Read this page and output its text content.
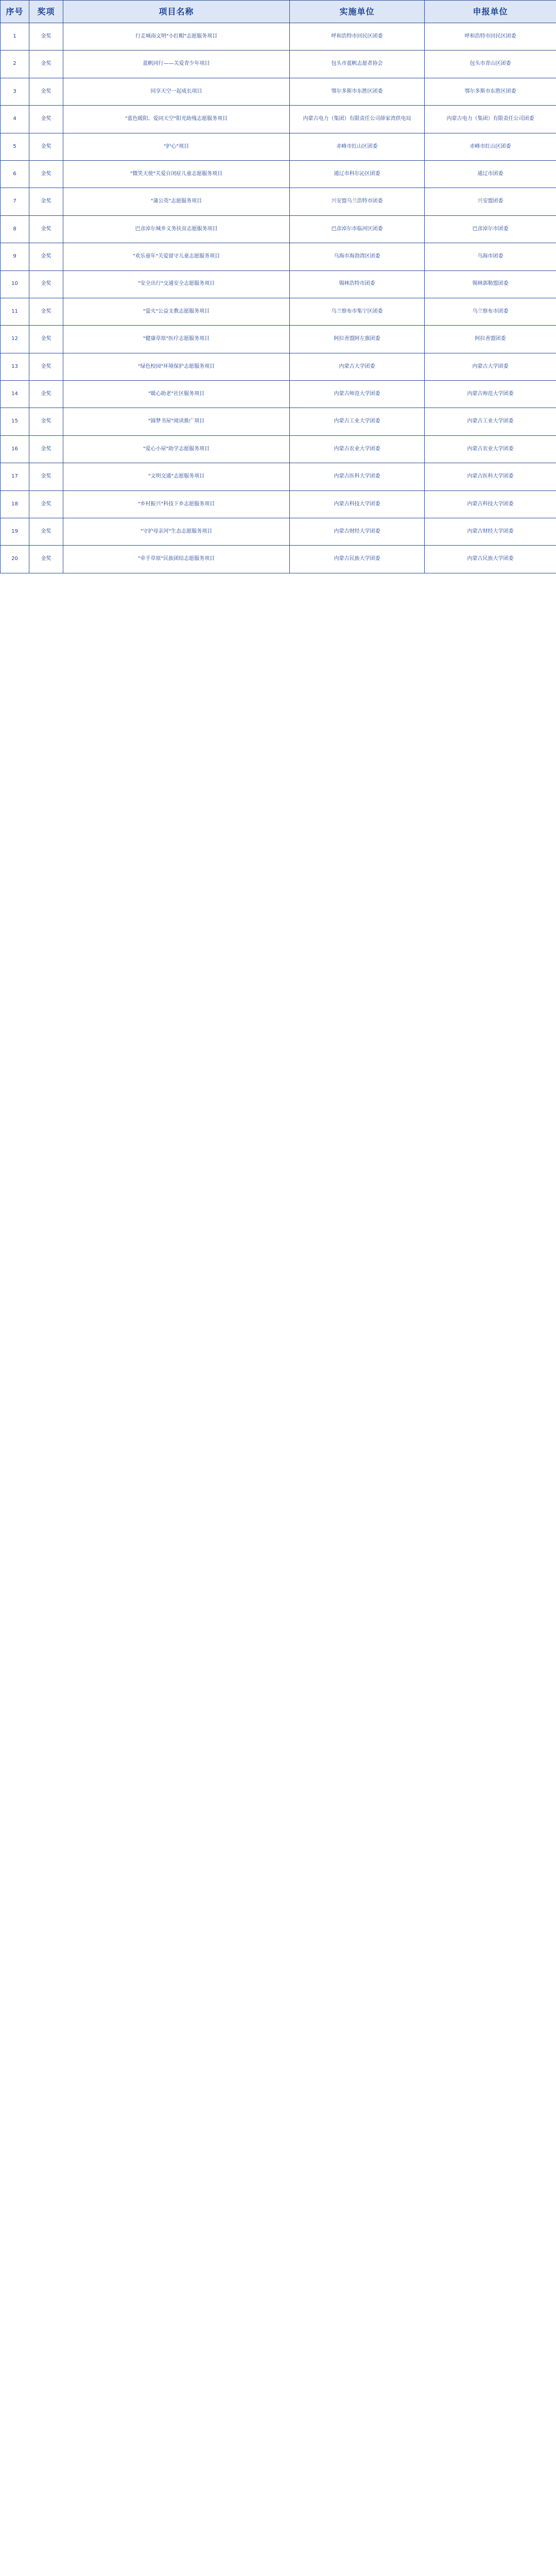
序号	奖项	项目名称	实施单位	申报单位
1	金奖	行走城南文明"小红帽"志愿服务项目	呼和浩特市回民区团委	呼和浩特市回民区团委
2	金奖	蓝帆同行——关爱青少年项目	包头市蓝帆志愿者协会	包头市青山区团委
3	金奖	同享天空一起成长项目	鄂尔多斯市东胜区团委	鄂尔多斯市东胜区团委
4	金奖	"蓝色暖阳、爱同天空"阳光助残志愿服务项目	内蒙古电力（集团）有限责任公司薛家湾供电局	内蒙古电力（集团）有限责任公司团委
5	金奖	"护心"项目	赤峰市红山区团委	赤峰市红山区团委
6	金奖	"微笑天使"关爱自闭症儿童志愿服务项目	通辽市科尔沁区团委	通辽市团委
7	金奖	"蒲公英"志愿服务项目	兴安盟乌兰浩特市团委	兴安盟团委
8	金奖	巴彦淖尔城乡义务扶贫志愿服务项目	巴彦淖尔市临河区团委	巴彦淖尔市团委
9	金奖	"欢乐童年"关爱留守儿童志愿服务项目	乌海市海勃湾区团委	乌海市团委
10	金奖	"安全出行"交通安全志愿服务项目	锡林浩特市团委	锡林郭勒盟团委
11	金奖	"萤火"公益支教志愿服务项目	乌兰察布市集宁区团委	乌兰察布市团委
12	金奖	"健康草原"医疗志愿服务项目	阿拉善盟阿左旗团委	阿拉善盟团委
13	金奖	"绿色校园"环境保护志愿服务项目	内蒙古大学团委	内蒙古大学团委
14	金奖	"暖心助老"社区服务项目	内蒙古师范大学团委	内蒙古师范大学团委
15	金奖	"圆梦书屋"阅读推广项目	内蒙古工业大学团委	内蒙古工业大学团委
16	金奖	"爱心小屋"助学志愿服务项目	内蒙古农业大学团委	内蒙古农业大学团委
17	金奖	"文明交通"志愿服务项目	内蒙古医科大学团委	内蒙古医科大学团委
18	金奖	"乡村振兴"科技下乡志愿服务项目	内蒙古科技大学团委	内蒙古科技大学团委
19	金奖	"守护母亲河"生态志愿服务项目	内蒙古财经大学团委	内蒙古财经大学团委
20	金奖	"牵手草原"民族团结志愿服务项目	内蒙古民族大学团委	内蒙古民族大学团委
